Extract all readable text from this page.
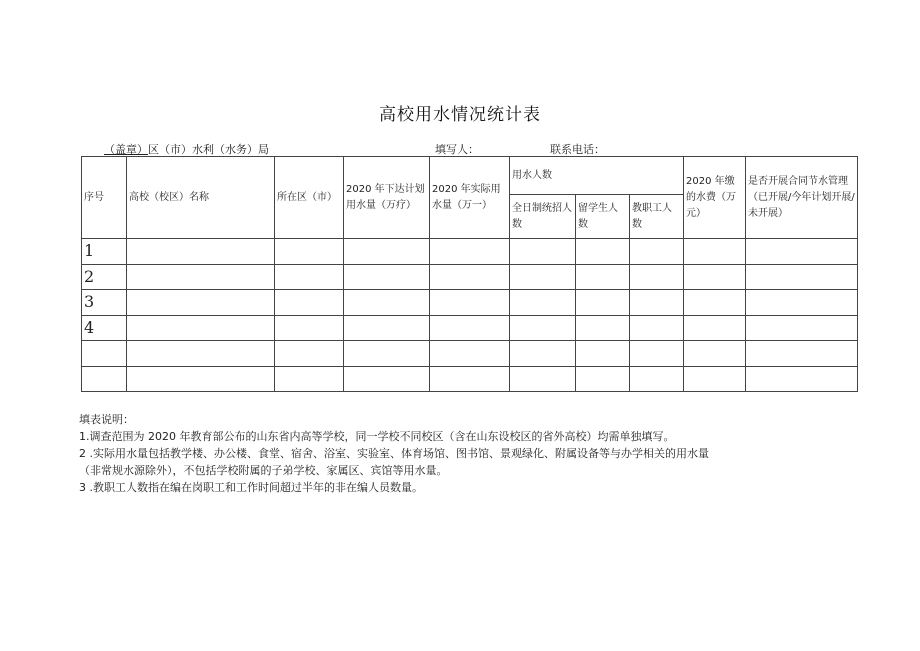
高校用水情况统计表
（盖章）区（市）水利（水务）局	填写人：	联系电话：
序号	高校（校区）名称	所在区（市）	2020 年下达计划用水量（万疗）	2020 年实际用水量（万一）	用水人数			2020 年缴的水费（万元）	是否开展合同节水管理（已开展/今年计划开展/未开展）
					全日制统招人数	留学生人数	教职工人数		
1									
2									
3									
4									

填表说明：
1.调查范围为 2020 年教育部公布的山东省内高等学校，同一学校不同校区（含在山东设校区的省外高校）均需单独填写。
2 .实际用水量包括教学楼、办公楼、食堂、宿舍、浴室、实验室、体育场馆、图书馆、景观绿化、附属设备等与办学相关的用水量
（非常规水源除外），不包括学校附属的子弟学校、家属区、宾馆等用水量。
3 .教职工人数指在编在岗职工和工作时间超过半年的非在编人员数量。
